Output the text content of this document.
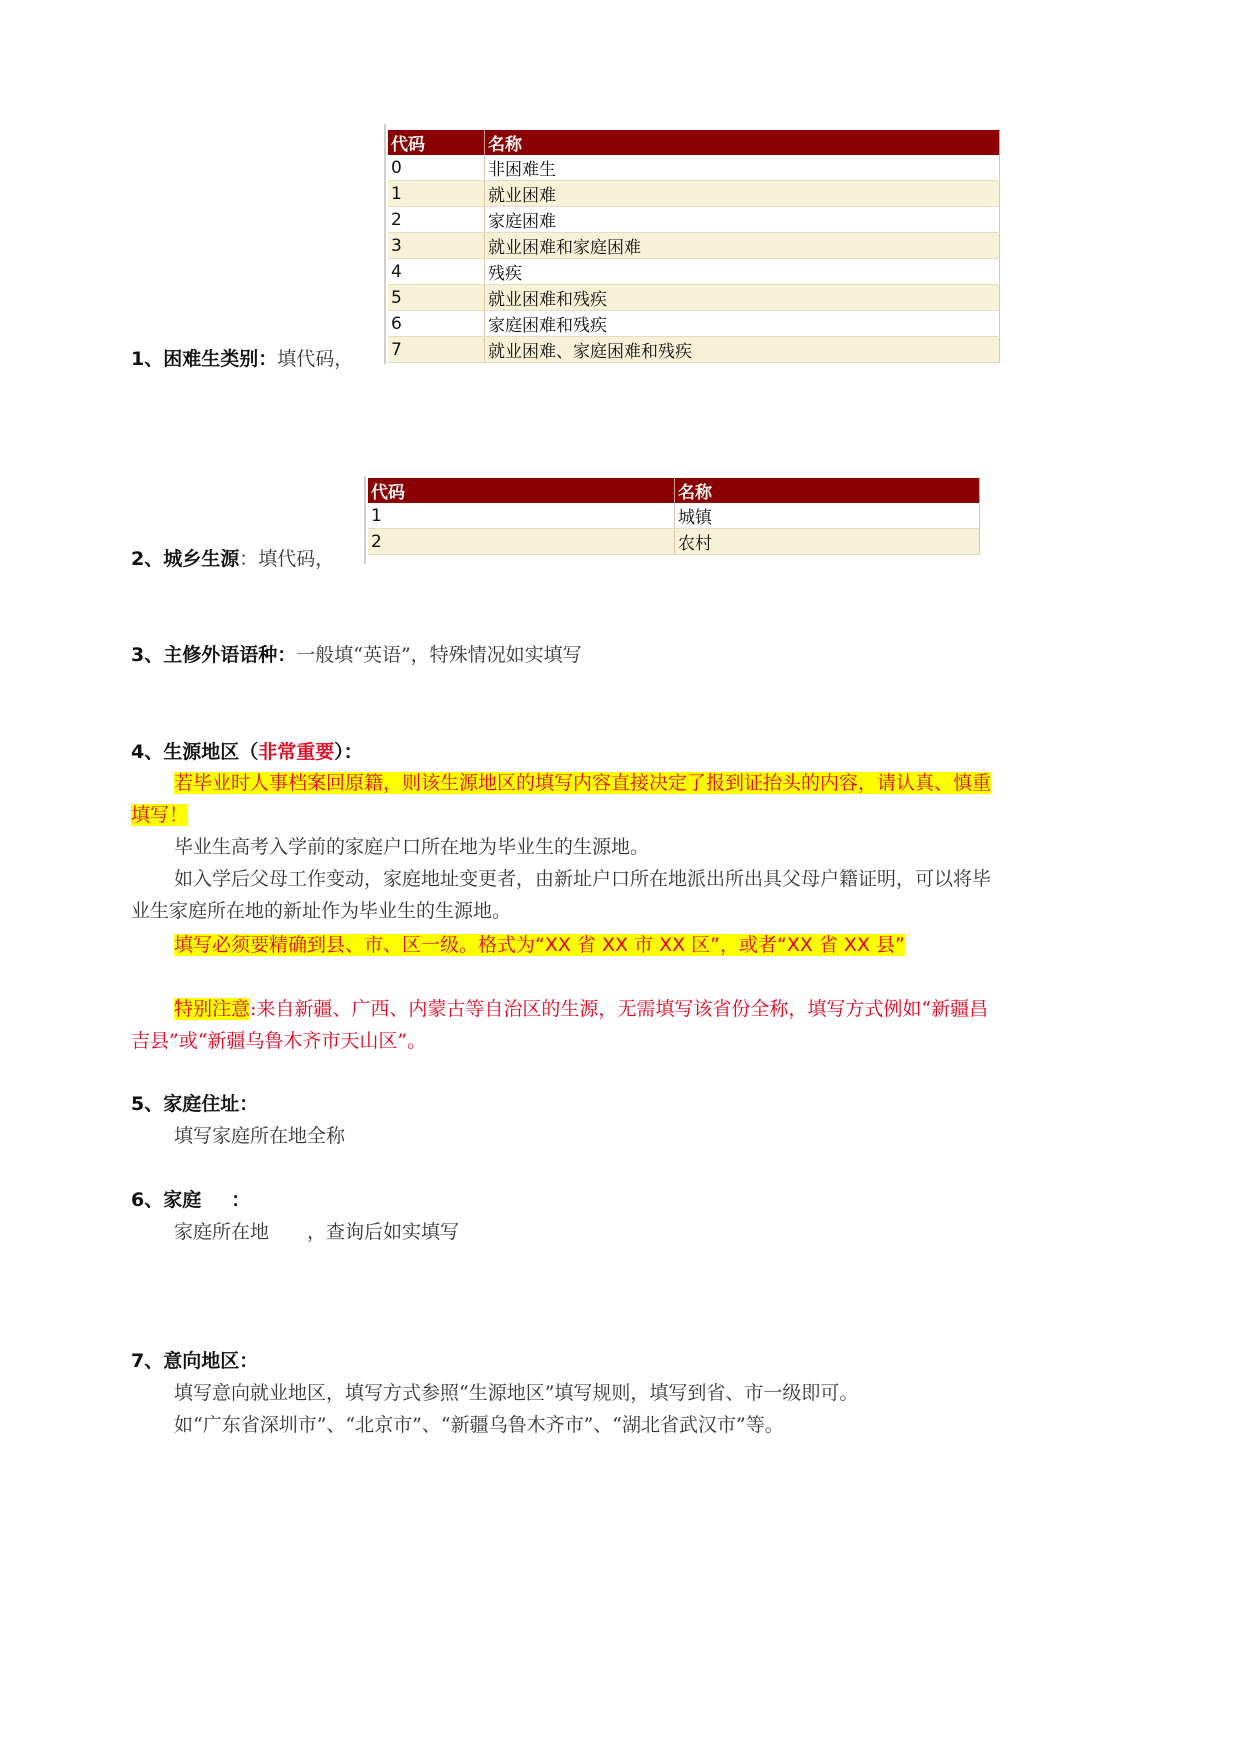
代码	名称
0	非困难生
1	就业困难
2	家庭困难
3	就业困难和家庭困难
4	残疾
5	就业困难和残疾
6	家庭困难和残疾
7	就业困难、家庭困难和残疾
1、困难生类别：填代码，
代码	名称
1	城镇
2	农村
2、城乡生源：填代码，
3、主修外语语种：一般填“英语”，特殊情况如实填写
4、生源地区（非常重要）：
若毕业时人事档案回原籍，则该生源地区的填写内容直接决定了报到证抬头的内容，请认真、慎重
填写！
毕业生高考入学前的家庭户口所在地为毕业生的生源地。
如入学后父母工作变动，家庭地址变更者，由新址户口所在地派出所出具父母户籍证明，可以将毕
业生家庭所在地的新址作为毕业生的生源地。
填写必须要精确到县、市、区一级。格式为“XX 省 XX 市 XX 区”，或者“XX 省 XX 县”
特别注意:来自新疆、广西、内蒙古等自治区的生源，无需填写该省份全称，填写方式例如“新疆昌
吉县”或“新疆乌鲁木齐市天山区”。
5、家庭住址：
填写家庭所在地全称
6、家庭 ：
家庭所在地 ，查询后如实填写
7、意向地区：
填写意向就业地区，填写方式参照“生源地区”填写规则，填写到省、市一级即可。
如“广东省深圳市”、“北京市”、“新疆乌鲁木齐市”、“湖北省武汉市”等。
